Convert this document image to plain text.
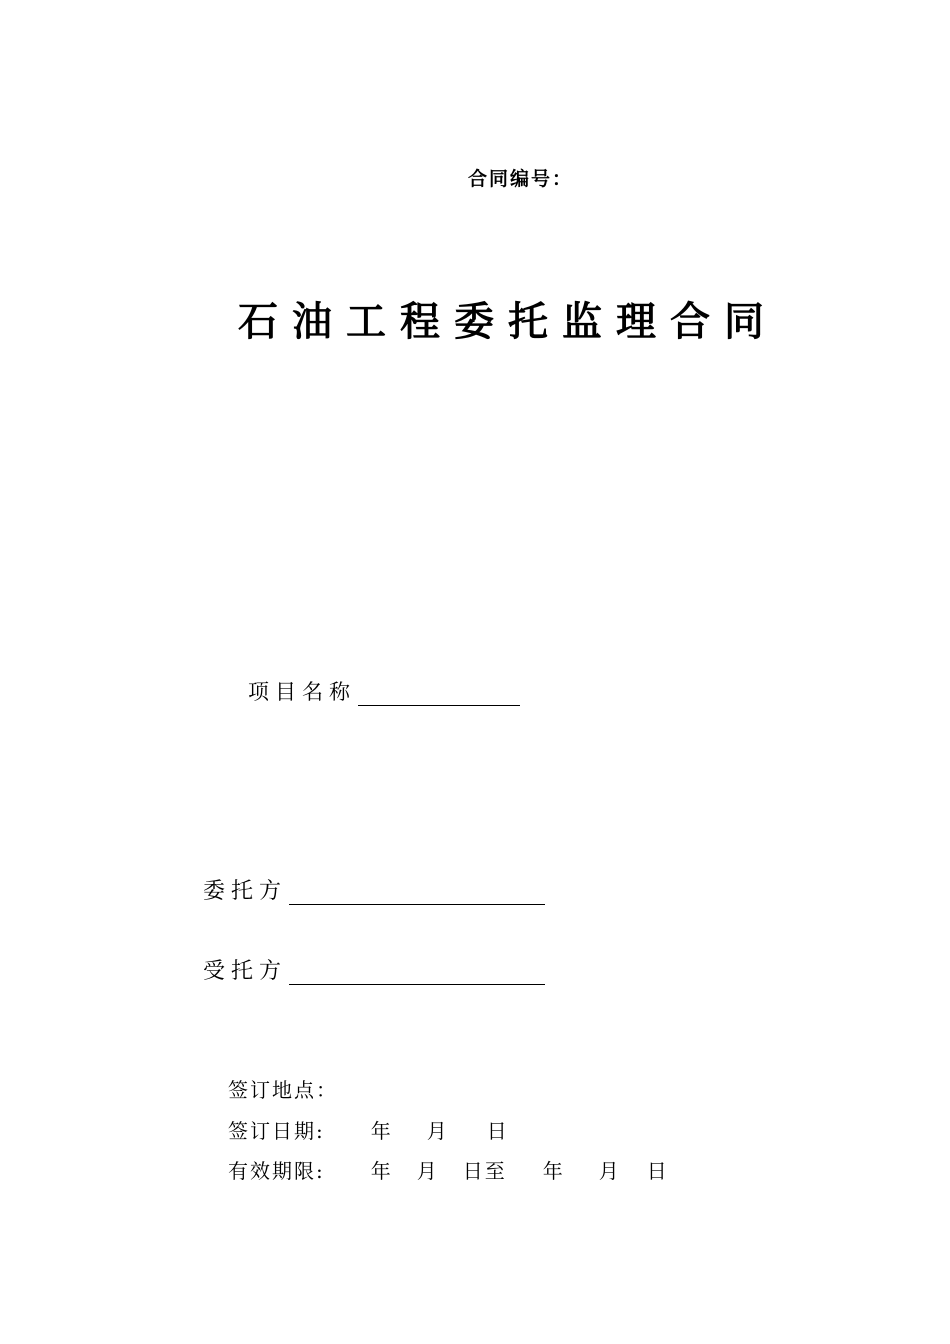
合同编号：
石油工程委托监理合同
项目名称
委托方
受托方
签订地点：
签订日期: 年 月 日
有效期限: 年 月 日至 年 月 日
